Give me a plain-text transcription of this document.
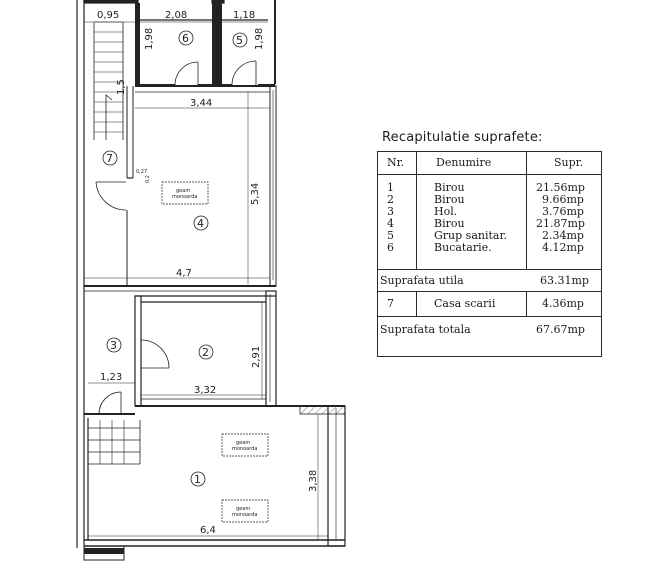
0,95	2,08	1,18
1,98	1,98
1,5
3,44
5,34
0,27
0,2
4,7
2,91
3,32
1,23
3,38
6,4
6	5
7
4
3
2
1
geam
monoarda
geam
monoarda
geam
monoarda
Recapitulatie suprafete:
Nr.	Denumire	Supr.
1	Birou	21.56mp
2	Birou	9.66mp
3	Hol.	3.76mp
4	Birou	21.87mp
5	Grup sanitar.	2.34mp
6	Bucatarie.	4.12mp
Suprafata utila	63.31mp
7	Casa scarii	4.36mp
Suprafata totala	67.67mp
